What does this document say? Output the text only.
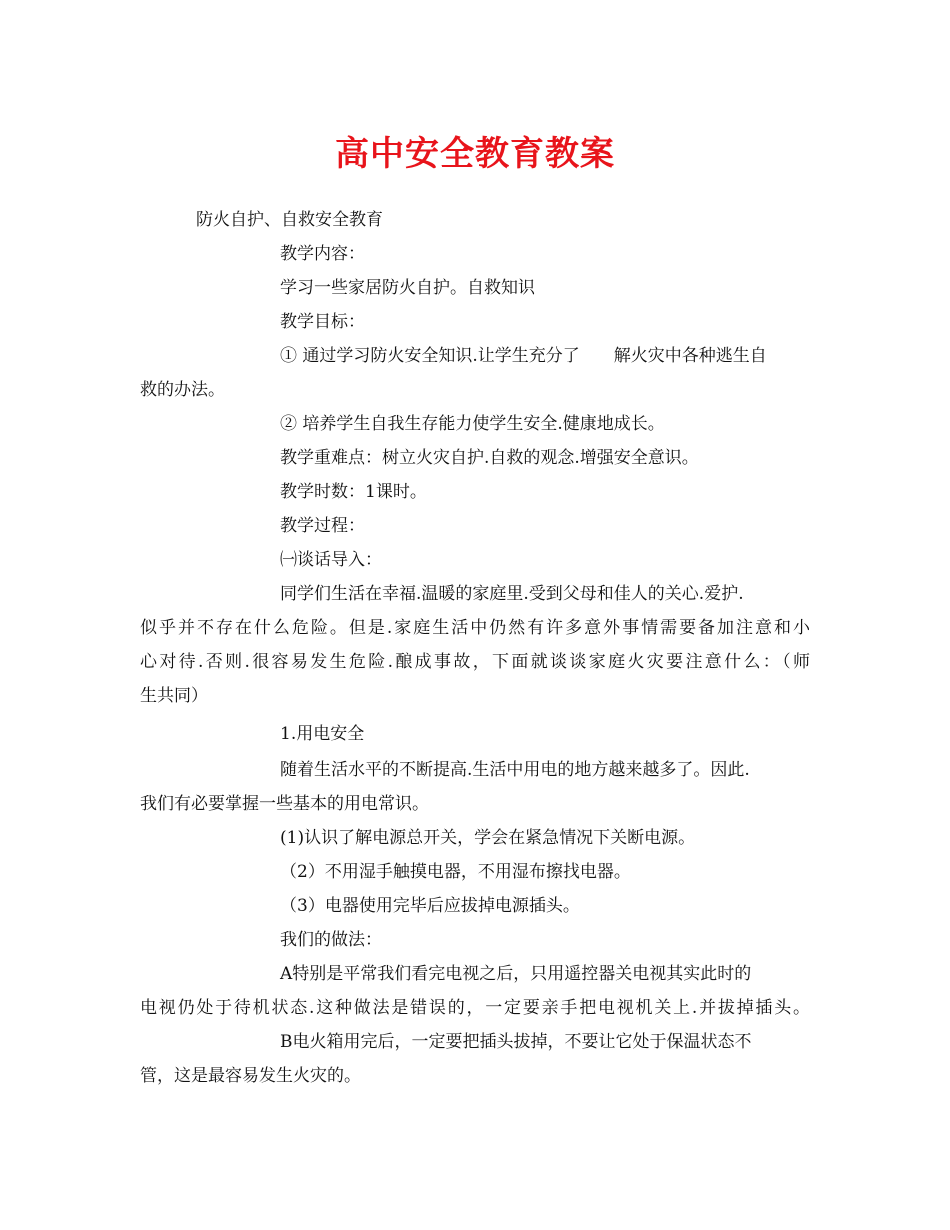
高中安全教育教案
防火自护、自救安全教育
教学内容：
学习一些家居防火自护。自救知识
教学目标：
① 通过学习防火安全知识.让学生充分了　　解火灾中各种逃生自
救的办法。
② 培养学生自我生存能力使学生安全.健康地成长。
教学重难点：树立火灾自护.自救的观念.增强安全意识。
教学时数：1课时。
教学过程：
㈠谈话导入：
同学们生活在幸福.温暖的家庭里.受到父母和佳人的关心.爱护.
似乎并不存在什么危险。但是.家庭生活中仍然有许多意外事情需要备加注意和小
心对待.否则.很容易发生危险.酿成事故，下面就谈谈家庭火灾要注意什么：（师
生共同）
1.用电安全
随着生活水平的不断提高.生活中用电的地方越来越多了。因此.
我们有必要掌握一些基本的用电常识。
(1)认识了解电源总开关，学会在紧急情况下关断电源。
（2）不用湿手触摸电器，不用湿布擦找电器。
（3）电器使用完毕后应拔掉电源插头。
我们的做法：
A特别是平常我们看完电视之后，只用遥控器关电视其实此时的
电视仍处于待机状态.这种做法是错误的，一定要亲手把电视机关上.并拔掉插头。
B电火箱用完后，一定要把插头拔掉，不要让它处于保温状态不
管，这是最容易发生火灾的。
